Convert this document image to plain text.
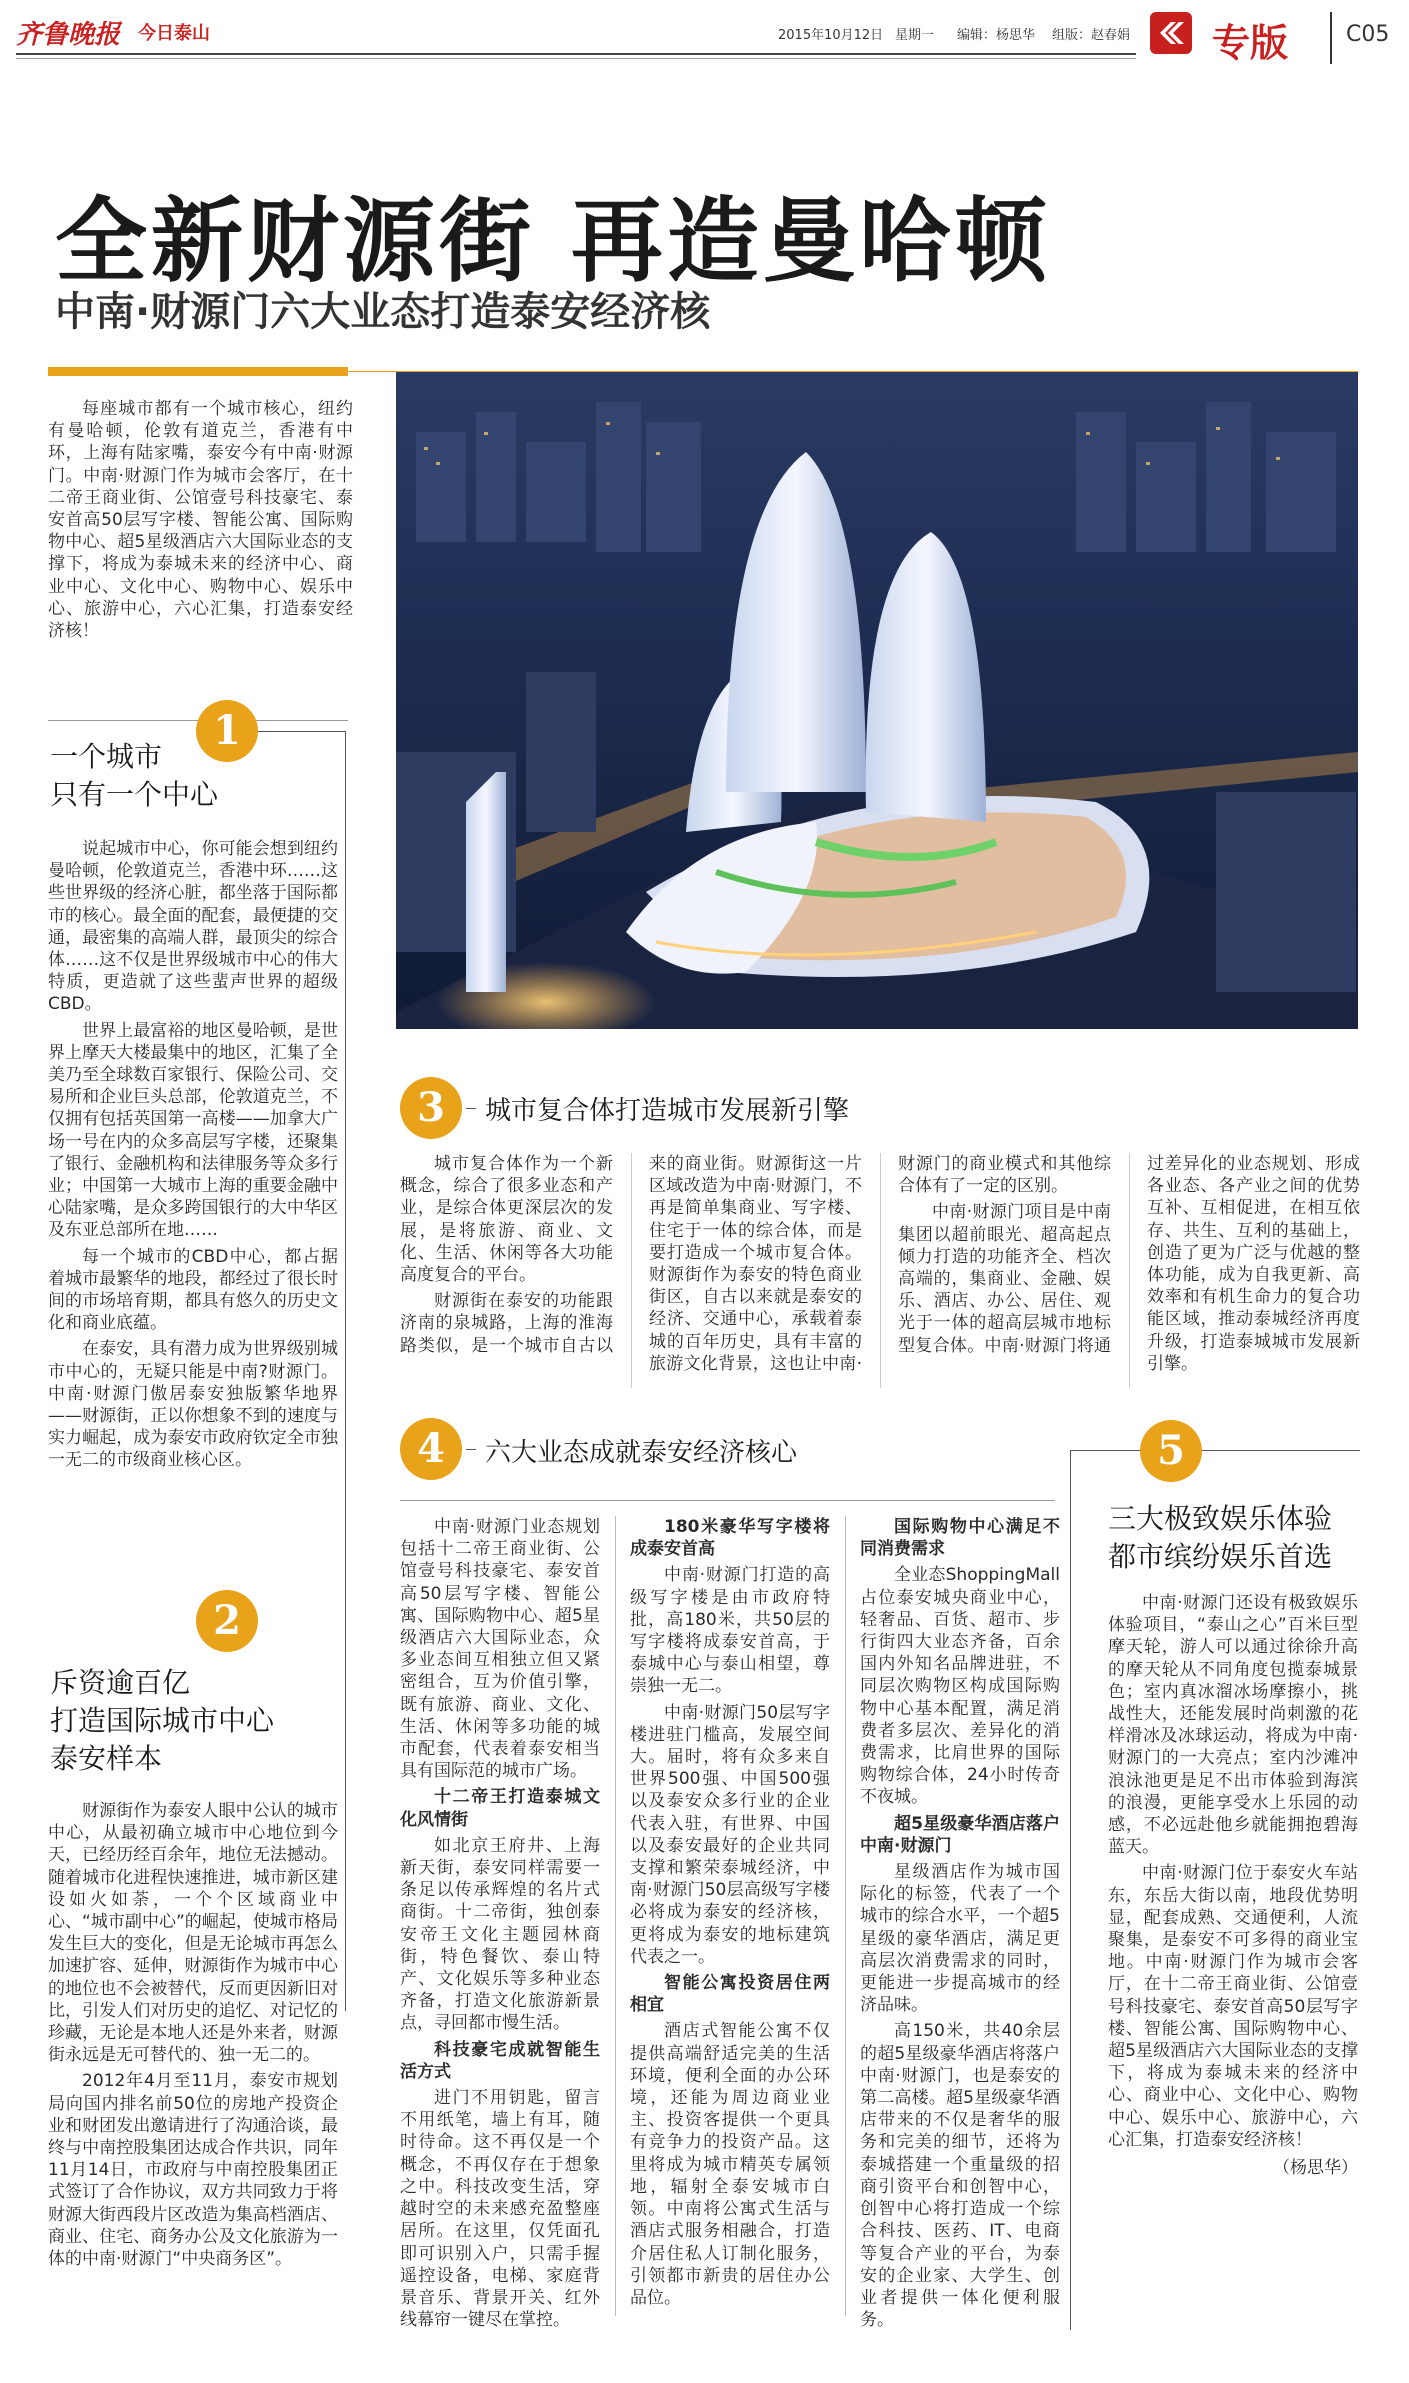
齐鲁晚报 今日泰山	2015年10月12日 星期一 编辑：杨思华 组版：赵春娟 专版	C05
全新财源街 再造曼哈顿
中南·财源门六大业态打造泰安经济核

每座城市都有一个城市核心，纽约有曼哈顿，伦敦有道克兰，香港有中环，上海有陆家嘴，泰安今有中南·财源门。中南·财源门作为城市会客厅，在十二帝王商业街、公馆壹号科技豪宅、泰安首高50层写字楼、智能公寓、国际购物中心、超5星级酒店六大国际业态的支撑下，将成为泰城未来的经济中心、商业中心、文化中心、购物中心、娱乐中心、旅游中心，六心汇集，打造泰安经济核！

1
一个城市
只有一个中心

说起城市中心，你可能会想到纽约曼哈顿，伦敦道克兰，香港中环……这些世界级的经济心脏，都坐落于国际都市的核心。最全面的配套，最便捷的交通，最密集的高端人群，最顶尖的综合体……这不仅是世界级城市中心的伟大特质，更造就了这些蜚声世界的超级CBD。

世界上最富裕的地区曼哈顿，是世界上摩天大楼最集中的地区，汇集了全美乃至全球数百家银行、保险公司、交易所和企业巨头总部，伦敦道克兰，不仅拥有包括英国第一高楼——加拿大广场一号在内的众多高层写字楼，还聚集了银行、金融机构和法律服务等众多行业；中国第一大城市上海的重要金融中心陆家嘴，是众多跨国银行的大中华区及东亚总部所在地……

每一个城市的CBD中心，都占据着城市最繁华的地段，都经过了很长时间的市场培育期，都具有悠久的历史文化和商业底蕴。

在泰安，具有潜力成为世界级别城市中心的，无疑只能是中南?财源门。中南·财源门傲居泰安独版繁华地界——财源街，正以你想象不到的速度与实力崛起，成为泰安市政府钦定全市独一无二的市级商业核心区。

2
斥资逾百亿
打造国际城市中心
泰安样本

财源街作为泰安人眼中公认的城市中心，从最初确立城市中心地位到今天，已经历经百余年，地位无法撼动。随着城市化进程快速推进，城市新区建设如火如荼，一个个区域商业中心、“城市副中心”的崛起，使城市格局发生巨大的变化，但是无论城市再怎么加速扩容、延伸，财源街作为城市中心的地位也不会被替代，反而更因新旧对比，引发人们对历史的追忆、对记忆的珍藏，无论是本地人还是外来者，财源街永远是无可替代的、独一无二的。

2012年4月至11月，泰安市规划局向国内排名前50位的房地产投资企业和财团发出邀请进行了沟通洽谈，最终与中南控股集团达成合作共识，同年11月14日，市政府与中南控股集团正式签订了合作协议，双方共同致力于将财源大街西段片区改造为集高档酒店、商业、住宅、商务办公及文化旅游为一体的中南·财源门“中央商务区”。

3	城市复合体打造城市发展新引擎

城市复合体作为一个新概念，综合了很多业态和产业，是综合体更深层次的发展，是将旅游、商业、文化、生活、休闲等各大功能高度复合的平台。

财源街在泰安的功能跟济南的泉城路，上海的淮海路类似，是一个城市自古以来的商业街。财源街这一片区域改造为中南·财源门，不再是简单集商业、写字楼、住宅于一体的综合体，而是要打造成一个城市复合体。财源街作为泰安的特色商业街区，自古以来就是泰安的经济、交通中心，承载着泰城的百年历史，具有丰富的旅游文化背景，这也让中南·财源门的商业模式和其他综合体有了一定的区别。

中南·财源门项目是中南集团以超前眼光、超高起点倾力打造的功能齐全、档次高端的，集商业、金融、娱乐、酒店、办公、居住、观光于一体的超高层城市地标型复合体。中南·财源门将通过差异化的业态规划、形成各业态、各产业之间的优势互补、互相促进，在相互依存、共生、互利的基础上，创造了更为广泛与优越的整体功能，成为自我更新、高效率和有机生命力的复合功能区域，推动泰城经济再度升级，打造泰城城市发展新引擎。

4	六大业态成就泰安经济核心

中南·财源门业态规划包括十二帝王商业街、公馆壹号科技豪宅、泰安首高50层写字楼、智能公寓、国际购物中心、超5星级酒店六大国际业态，众多业态间互相独立但又紧密组合，互为价值引擎，既有旅游、商业、文化、生活、休闲等多功能的城市配套，代表着泰安相当具有国际范的城市广场。

十二帝王打造泰城文化风情街

如北京王府井、上海新天街，泰安同样需要一条足以传承辉煌的名片式商街。十二帝街，独创泰安帝王文化主题园林商街，特色餐饮、泰山特产、文化娱乐等多种业态齐备，打造文化旅游新景点，寻回都市慢生活。

科技豪宅成就智能生活方式

进门不用钥匙，留言不用纸笔，墙上有耳，随时待命。这不再仅是一个概念，不再仅存在于想象之中。科技改变生活，穿越时空的未来感充盈整座居所。在这里，仅凭面孔即可识别入户，只需手握遥控设备，电梯、家庭背景音乐、背景开关、红外线幕帘一键尽在掌控。

180米豪华写字楼将成泰安首高

中南·财源门打造的高级写字楼是由市政府特批，高180米，共50层的写字楼将成泰安首高，于泰城中心与泰山相望，尊崇独一无二。

中南·财源门50层写字楼进驻门槛高，发展空间大。届时，将有众多来自世界500强、中国500强以及泰安众多行业的企业代表入驻，有世界、中国以及泰安最好的企业共同支撑和繁荣泰城经济，中南·财源门50层高级写字楼必将成为泰安的经济核，更将成为泰安的地标建筑代表之一。

智能公寓投资居住两相宜

酒店式智能公寓不仅提供高端舒适完美的生活环境，便利全面的办公环境，还能为周边商业业主、投资客提供一个更具有竞争力的投资产品。这里将成为城市精英专属领地，辐射全泰安城市白领。中南将公寓式生活与酒店式服务相融合，打造介居住私人订制化服务，引领都市新贵的居住办公品位。

国际购物中心满足不同消费需求

全业态ShoppingMall占位泰安城央商业中心，轻奢品、百货、超市、步行街四大业态齐备，百余国内外知名品牌进驻，不同层次购物区构成国际购物中心基本配置，满足消费者多层次、差异化的消费需求，比肩世界的国际购物综合体，24小时传奇不夜城。

超5星级豪华酒店落户中南·财源门

星级酒店作为城市国际化的标签，代表了一个城市的综合水平，一个超5星级的豪华酒店，满足更高层次消费需求的同时，更能进一步提高城市的经济品味。

高150米，共40余层的超5星级豪华酒店将落户中南·财源门，也是泰安的第二高楼。超5星级豪华酒店带来的不仅是奢华的服务和完美的细节，还将为泰城搭建一个重量级的招商引资平台和创智中心，创智中心将打造成一个综合科技、医药、IT、电商等复合产业的平台，为泰安的企业家、大学生、创业者提供一体化便利服务。

5
三大极致娱乐体验
都市缤纷娱乐首选

中南·财源门还设有极致娱乐体验项目，“泰山之心”百米巨型摩天轮，游人可以通过徐徐升高的摩天轮从不同角度包揽泰城景色；室内真冰溜冰场摩擦小，挑战性大，还能发展时尚刺激的花样滑冰及冰球运动，将成为中南·财源门的一大亮点；室内沙滩冲浪泳池更是足不出市体验到海滨的浪漫，更能享受水上乐园的动感，不必远赴他乡就能拥抱碧海蓝天。

中南·财源门位于泰安火车站东，东岳大街以南，地段优势明显，配套成熟、交通便利，人流聚集，是泰安不可多得的商业宝地。中南·财源门作为城市会客厅，在十二帝王商业街、公馆壹号科技豪宅、泰安首高50层写字楼、智能公寓、国际购物中心、超5星级酒店六大国际业态的支撑下，将成为泰城未来的经济中心、商业中心、文化中心、购物中心、娱乐中心、旅游中心，六心汇集，打造泰安经济核！

（杨思华）
